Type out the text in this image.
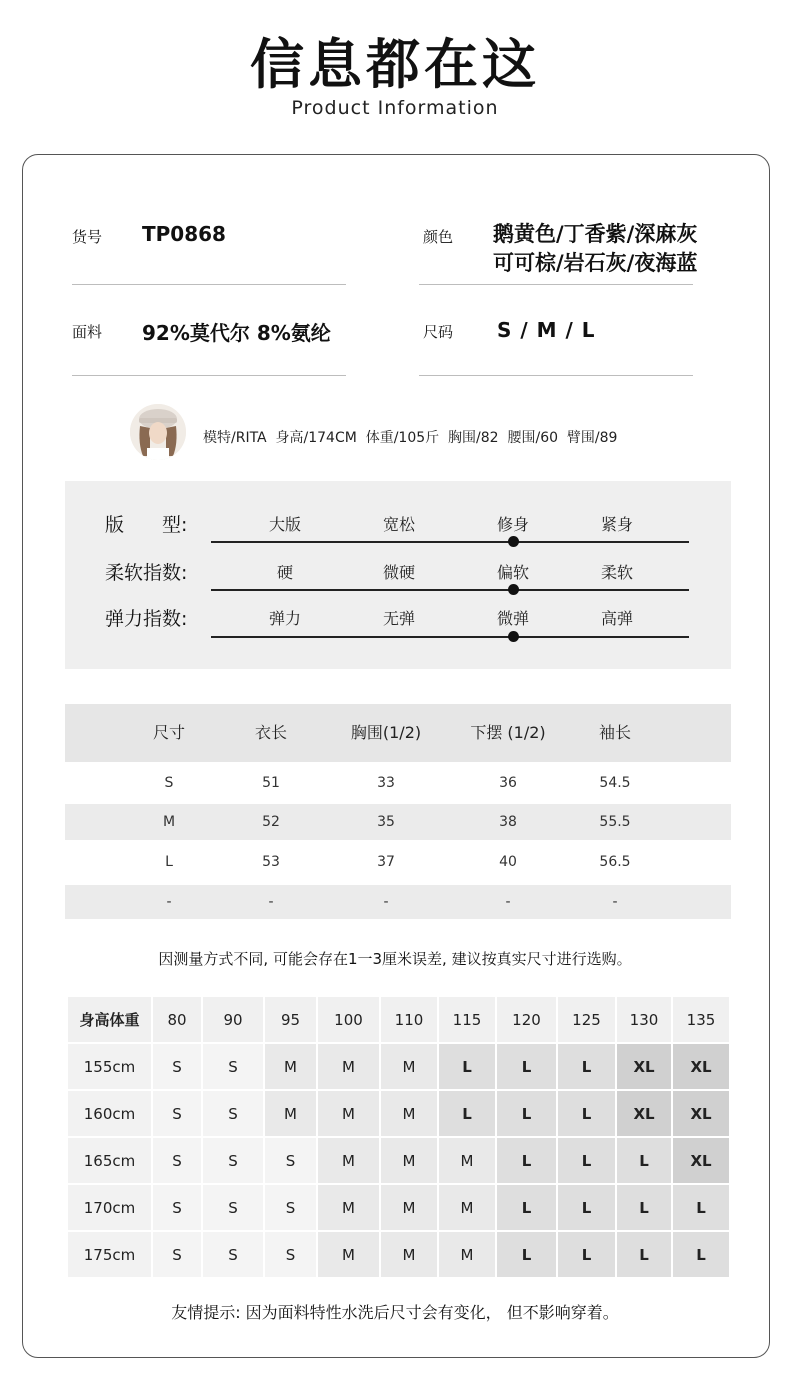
信息都在这
Product Information
货号 TP0868	颜色 鹅黄色/丁香紫/深麻灰
可可棕/岩石灰/夜海蓝
面料 92%莫代尔 8%氨纶	尺码 S / M / L
模特/RITA  身高/174CM  体重/105斤  胸围/82  腰围/60  臂围/89
版　　型:	大版	宽松	修身	紧身
柔软指数:	硬	微硬	偏软	柔软
弹力指数:	弹力	无弹	微弹	高弹
尺寸	衣长	胸围(1/2)	下摆 (1/2)	袖长
S	51	33	36	54.5
M	52	35	38	55.5
L	53	37	40	56.5
-	-	-	-	-
因测量方式不同, 可能会存在1一3厘米误差, 建议按真实尺寸进行选购。
身高体重	80	90	95	100	110	115	120	125	130	135
155cm	S	S	M	M	M	L	L	L	XL	XL
160cm	S	S	M	M	M	L	L	L	XL	XL
165cm	S	S	S	M	M	M	L	L	L	XL
170cm	S	S	S	M	M	M	L	L	L	L
175cm	S	S	S	M	M	M	L	L	L	L
友情提示: 因为面料特性水洗后尺寸会有变化， 但不影响穿着。
